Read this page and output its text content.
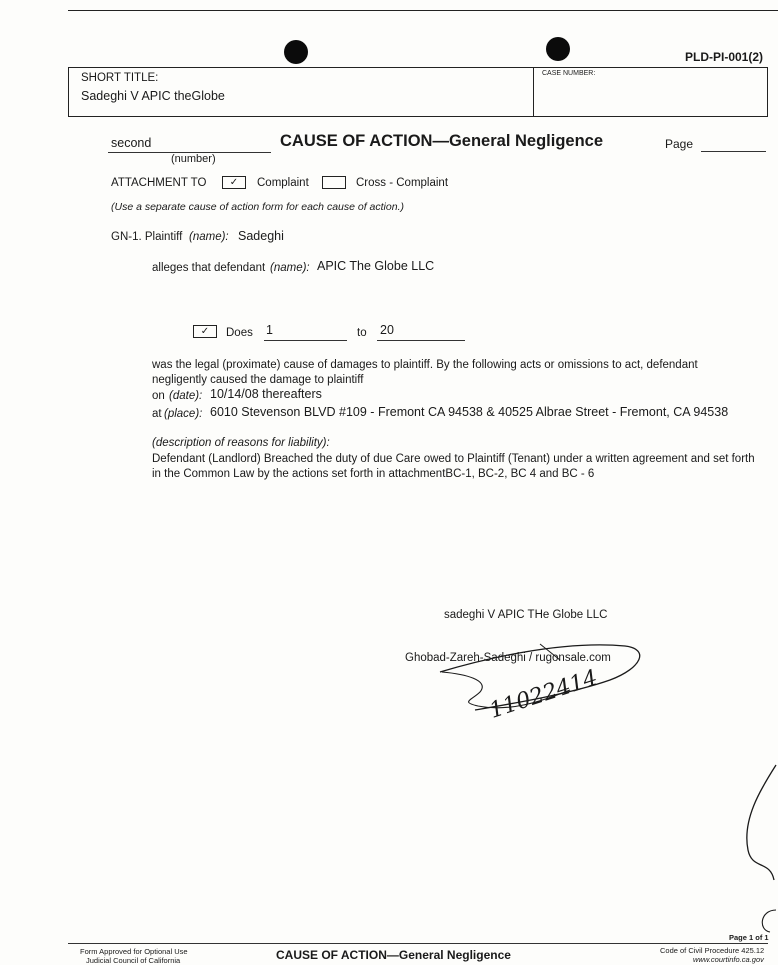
PLD-PI-001(2)
SHORT TITLE:
Sadeghi V APIC theGlobe
CASE NUMBER:
second
(number)
CAUSE OF ACTION—General Negligence	Page
ATTACHMENT TO	✓	Complaint	Cross - Complaint
(Use a separate cause of action form for each cause of action.)
GN-1. Plaintiff (name): Sadeghi
alleges that defendant (name): APIC The Globe LLC
✓	Does 1	to 20
was the legal (proximate) cause of damages to plaintiff. By the following acts or omissions to act, defendant
negligently caused the damage to plaintiff
on (date): 10/14/08 thereafters
at (place): 6010 Stevenson BLVD #109 - Fremont CA 94538 & 40525 Albrae Street - Fremont, CA 94538
(description of reasons for liability):
Defendant (Landlord) Breached the duty of due Care owed to Plaintiff (Tenant) under a written agreement and set forth
in the Common Law by the actions set forth in attachmentBC-1, BC-2, BC 4 and BC - 6
sadeghi V APIC THe Globe LLC
Ghobad-Zareh-Sadeghi / rugonsale.com
11022414
Form Approved for Optional Use
Judicial Council of California	CAUSE OF ACTION—General Negligence
Page 1 of 1
Code of Civil Procedure 425.12
www.courtinfo.ca.gov
